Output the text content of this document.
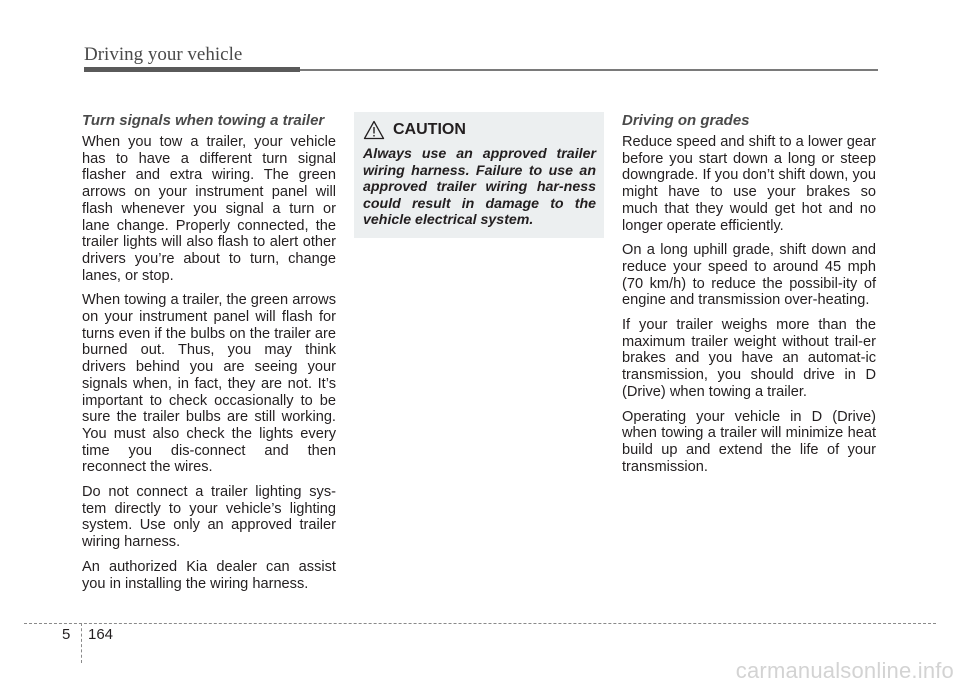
Driving your vehicle
Turn signals when towing a trailer

When you tow a trailer, your vehicle has to have a different turn signal flasher and extra wiring. The green arrows on your instrument panel will flash whenever you signal a turn or lane change. Properly connected, the trailer lights will also flash to alert other drivers you’re about to turn, change lanes, or stop.

When towing a trailer, the green arrows on your instrument panel will flash for turns even if the bulbs on the trailer are burned out. Thus, you may think drivers behind you are seeing your signals when, in fact, they are not. It’s important to check occasionally to be sure the trailer bulbs are still working. You must also check the lights every time you dis-connect and then reconnect the wires.

Do not connect a trailer lighting sys-tem directly to your vehicle’s lighting system. Use only an approved trailer wiring harness.

An authorized Kia dealer can assist you in installing the wiring harness.

CAUTION

Always use an approved trailer wiring harness. Failure to use an approved trailer wiring har-ness could result in damage to the vehicle electrical system.

Driving on grades

Reduce speed and shift to a lower gear before you start down a long or steep downgrade. If you don’t shift down, you might have to use your brakes so much that they would get hot and no longer operate efficiently.

On a long uphill grade, shift down and reduce your speed to around 45 mph (70 km/h) to reduce the possibil-ity of engine and transmission over-heating.

If your trailer weighs more than the maximum trailer weight without trail-er brakes and you have an automat-ic transmission, you should drive in D (Drive) when towing a trailer.

Operating your vehicle in D (Drive) when towing a trailer will minimize heat build up and extend the life of your transmission.

5 164
carmanualsonline.info
